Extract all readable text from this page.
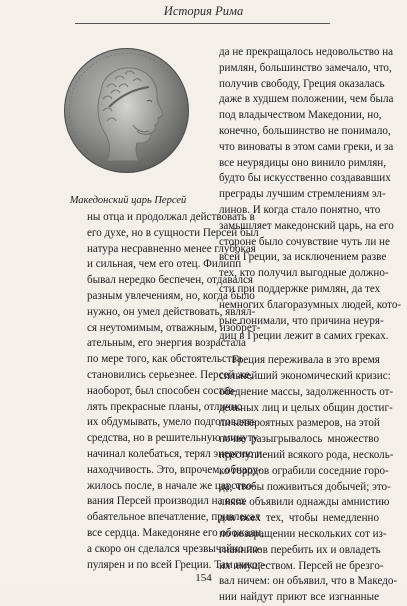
История Рима
Македонский царь Персей
ны отца и продолжал действовать в
его духе, но в сущности Персей был
натура несравненно менее глубокая
и сильная, чем его отец. Филипп
бывал нередко беспечен, отдавался
разным увлечениям, но, когда было
нужно, он умел действовать, являл-
ся неутомимым, отважным, изобрет-
ательным, его энергия возрастала
по мере того, как обстоятельства
становились серьезнее. Персей же,
наоборот, был способен состав-
лять прекрасные планы, отлично
их обдумывать, умело подготовлять
средства, но в решительную минуту
начинал колебаться, терял энергию и
находчивость. Это, впрочем, обнару-
жилось после, в начале же царство-
вания Персей производил на всех
обаятельное впечатление, привлекал
все сердца. Македоняне его обожали,
а скоро он сделался чрезвычайно по-
пулярен и по всей Греции. Там никог-
да не прекращалось недовольство на
римлян, большинство замечало, что,
получив свободу, Греция оказалась
даже в худшем положении, чем была
под владычеством Македонии, но,
конечно, большинство не понимало,
что виноваты в этом сами греки, и за
все неурядицы оно винило римлян,
будто бы искусственно создававших
преграды лучшим стремлениям эл-
линов. И когда стало понятно, что
замышляет македонский царь, на его
стороне было сочувствие чуть ли не
всей Греции, за исключением развe
тех, кто получил выгодные должно-
сти при поддержке римлян, да тех
немногих благоразумных людей, кото-
рые понимали, что причина неуря-
диц в Греции лежит в самих греках.
Греция переживала в это время
сильнейший экономический кризис:
обеднение массы, задолженность от-
дельных лиц и целых общин достиг-
ли невероятных размеров, на этой
почве разыгрывалось множество
преступлений всякого рода, несколь-
ко городов ограбили соседние горо-
да, чтобы поживиться добычей; это-
лияне объявили однажды амнистию
для всех тех, чтобы немедленно
по возвращении нескольких сот из-
гнанников перебить их и овладеть
их имуществом. Персей не брезгo-
вал ничем: он объявил, что в Македо-
нии найдут приют все изгнанные
154
